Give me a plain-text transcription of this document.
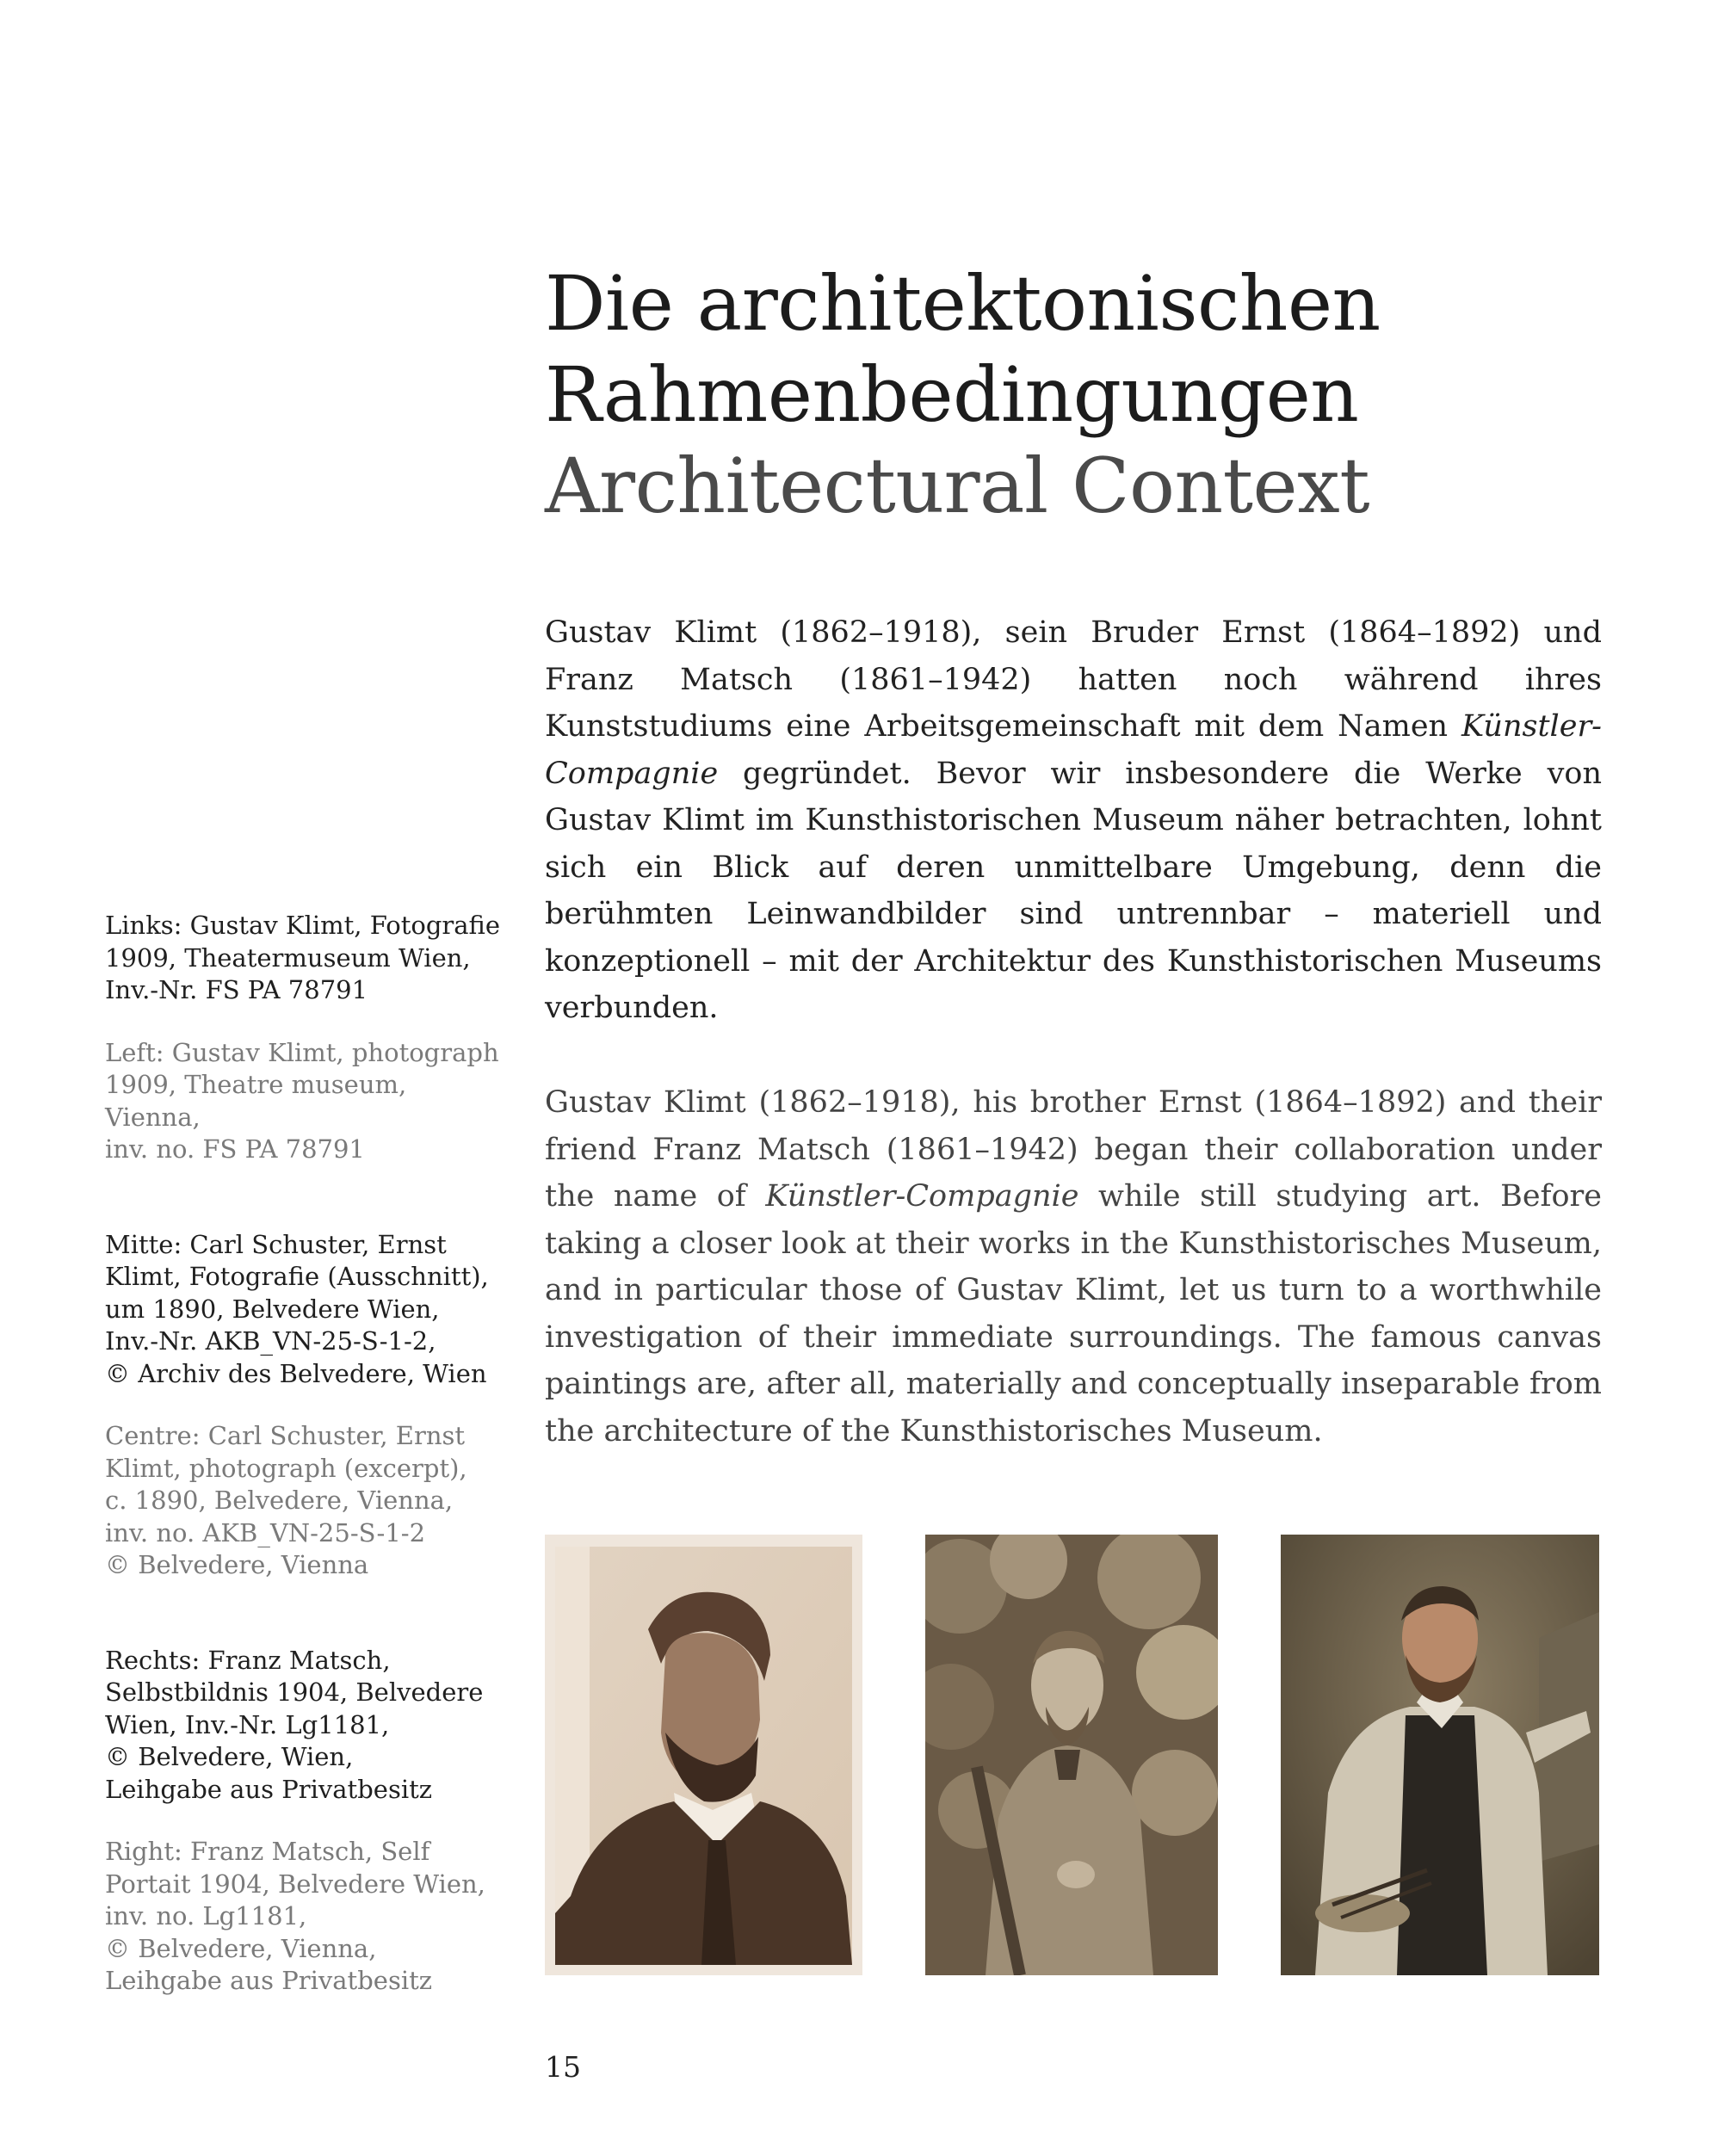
Die architektonischen
Rahmenbedingungen
Architectural Context

Gustav Klimt (1862–1918), sein Bruder Ernst (1864–1892) und Franz Matsch (1861–1942) hatten noch während ihres Kunststudiums eine Arbeitsgemeinschaft mit dem Namen Künstler-Compagnie gegründet. Bevor wir insbesondere die Werke von Gustav Klimt im Kunsthistorischen Museum näher betrachten, lohnt sich ein Blick auf deren unmittelbare Umgebung, denn die berühmten Leinwandbilder sind untrennbar – materiell und konzeptionell – mit der Architektur des Kunsthistorischen Museums verbunden.

Gustav Klimt (1862–1918), his brother Ernst (1864–1892) and their friend Franz Matsch (1861–1942) began their collaboration under the name of Künstler-Compagnie while still studying art. Before taking a closer look at their works in the Kunsthistorisches Museum, and in particular those of Gustav Klimt, let us turn to a worthwhile investigation of their immediate surroundings. The famous canvas paintings are, after all, materially and conceptually inseparable from the architecture of the Kunsthistorisches Museum.

Links: Gustav Klimt, Fotografie
1909, Theatermuseum Wien,
Inv.-Nr. FS PA 78791

Left: Gustav Klimt, photograph
1909, Theatre museum, Vienna,
inv. no. FS PA 78791

Mitte: Carl Schuster, Ernst
Klimt, Fotografie (Ausschnitt),
um 1890, Belvedere Wien,
Inv.-Nr. AKB_VN-25-S-1-2,
© Archiv des Belvedere, Wien

Centre: Carl Schuster, Ernst
Klimt, photograph (excerpt),
c. 1890, Belvedere, Vienna,
inv. no. AKB_VN-25-S-1-2
© Belvedere, Vienna

Rechts: Franz Matsch,
Selbstbildnis 1904, Belvedere
Wien, Inv.-Nr. Lg1181,
© Belvedere, Wien,
Leihgabe aus Privatbesitz

Right: Franz Matsch, Self
Portait 1904, Belvedere Wien,
inv. no. Lg1181,
© Belvedere, Vienna,
Leihgabe aus Privatbesitz

15
